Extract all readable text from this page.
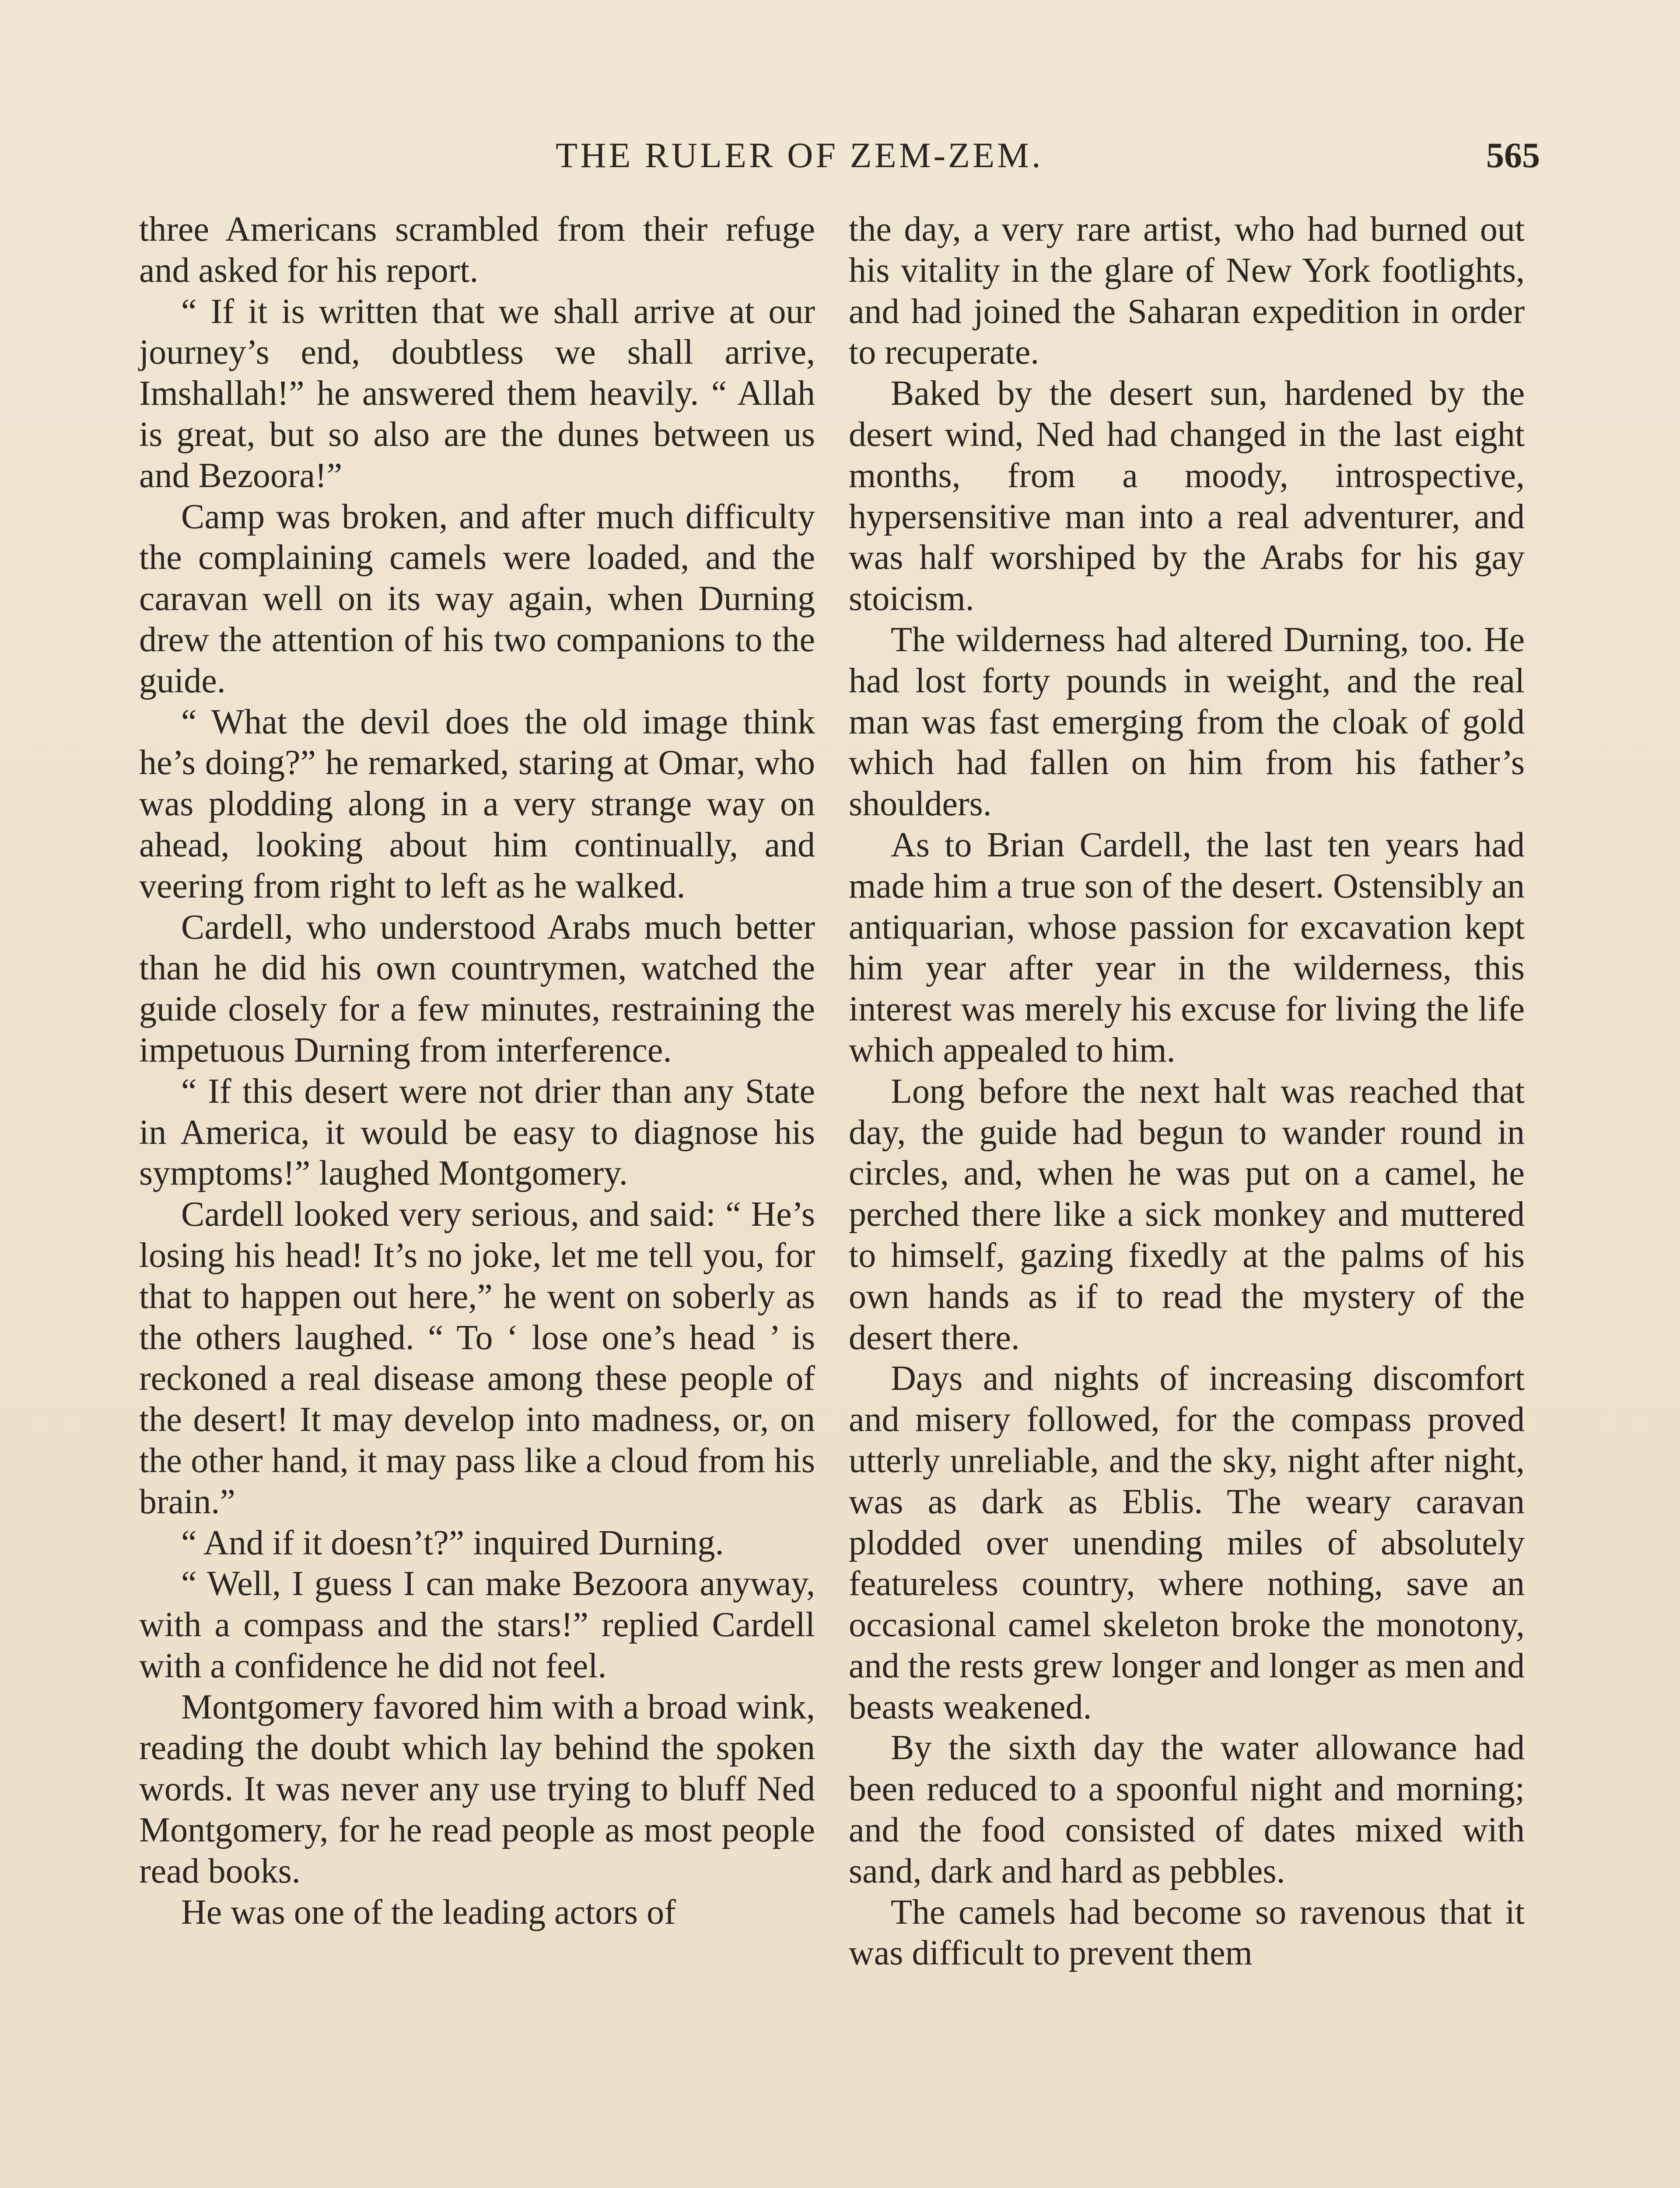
THE RULER OF ZEM-ZEM.	565

three Americans scrambled from their refuge and asked for his report.

“ If it is written that we shall arrive at our journey’s end, doubtless we shall arrive, Imshallah!” he answered them heavily. “ Allah is great, but so also are the dunes between us and Bezoora!”

Camp was broken, and after much difficulty the complaining camels were loaded, and the caravan well on its way again, when Durning drew the attention of his two companions to the guide.

“ What the devil does the old image think he’s doing?” he remarked, staring at Omar, who was plodding along in a very strange way on ahead, looking about him continually, and veering from right to left as he walked.

Cardell, who understood Arabs much better than he did his own countrymen, watched the guide closely for a few minutes, restraining the impetuous Durning from interference.

“ If this desert were not drier than any State in America, it would be easy to diagnose his symptoms!” laughed Montgomery.

Cardell looked very serious, and said: “ He’s losing his head! It’s no joke, let me tell you, for that to happen out here,” he went on soberly as the others laughed. “ To ‘ lose one’s head ’ is reckoned a real disease among these people of the desert! It may develop into madness, or, on the other hand, it may pass like a cloud from his brain.”

“ And if it doesn’t?” inquired Durning.

“ Well, I guess I can make Bezoora anyway, with a compass and the stars!” replied Cardell with a confidence he did not feel.

Montgomery favored him with a broad wink, reading the doubt which lay behind the spoken words. It was never any use trying to bluff Ned Montgomery, for he read people as most people read books.

He was one of the leading actors of

the day, a very rare artist, who had burned out his vitality in the glare of New York footlights, and had joined the Saharan expedition in order to recuperate.

Baked by the desert sun, hardened by the desert wind, Ned had changed in the last eight months, from a moody, introspective, hypersensitive man into a real adventurer, and was half worshiped by the Arabs for his gay stoicism.

The wilderness had altered Durning, too. He had lost forty pounds in weight, and the real man was fast emerging from the cloak of gold which had fallen on him from his father’s shoulders.

As to Brian Cardell, the last ten years had made him a true son of the desert. Ostensibly an antiquarian, whose passion for excavation kept him year after year in the wilderness, this interest was merely his excuse for living the life which appealed to him.

Long before the next halt was reached that day, the guide had begun to wander round in circles, and, when he was put on a camel, he perched there like a sick monkey and muttered to himself, gazing fixedly at the palms of his own hands as if to read the mystery of the desert there.

Days and nights of increasing discomfort and misery followed, for the compass proved utterly unreliable, and the sky, night after night, was as dark as Eblis. The weary caravan plodded over unending miles of absolutely featureless country, where nothing, save an occasional camel skeleton broke the monotony, and the rests grew longer and longer as men and beasts weakened.

By the sixth day the water allowance had been reduced to a spoonful night and morning; and the food consisted of dates mixed with sand, dark and hard as pebbles.

The camels had become so ravenous that it was difficult to prevent them
